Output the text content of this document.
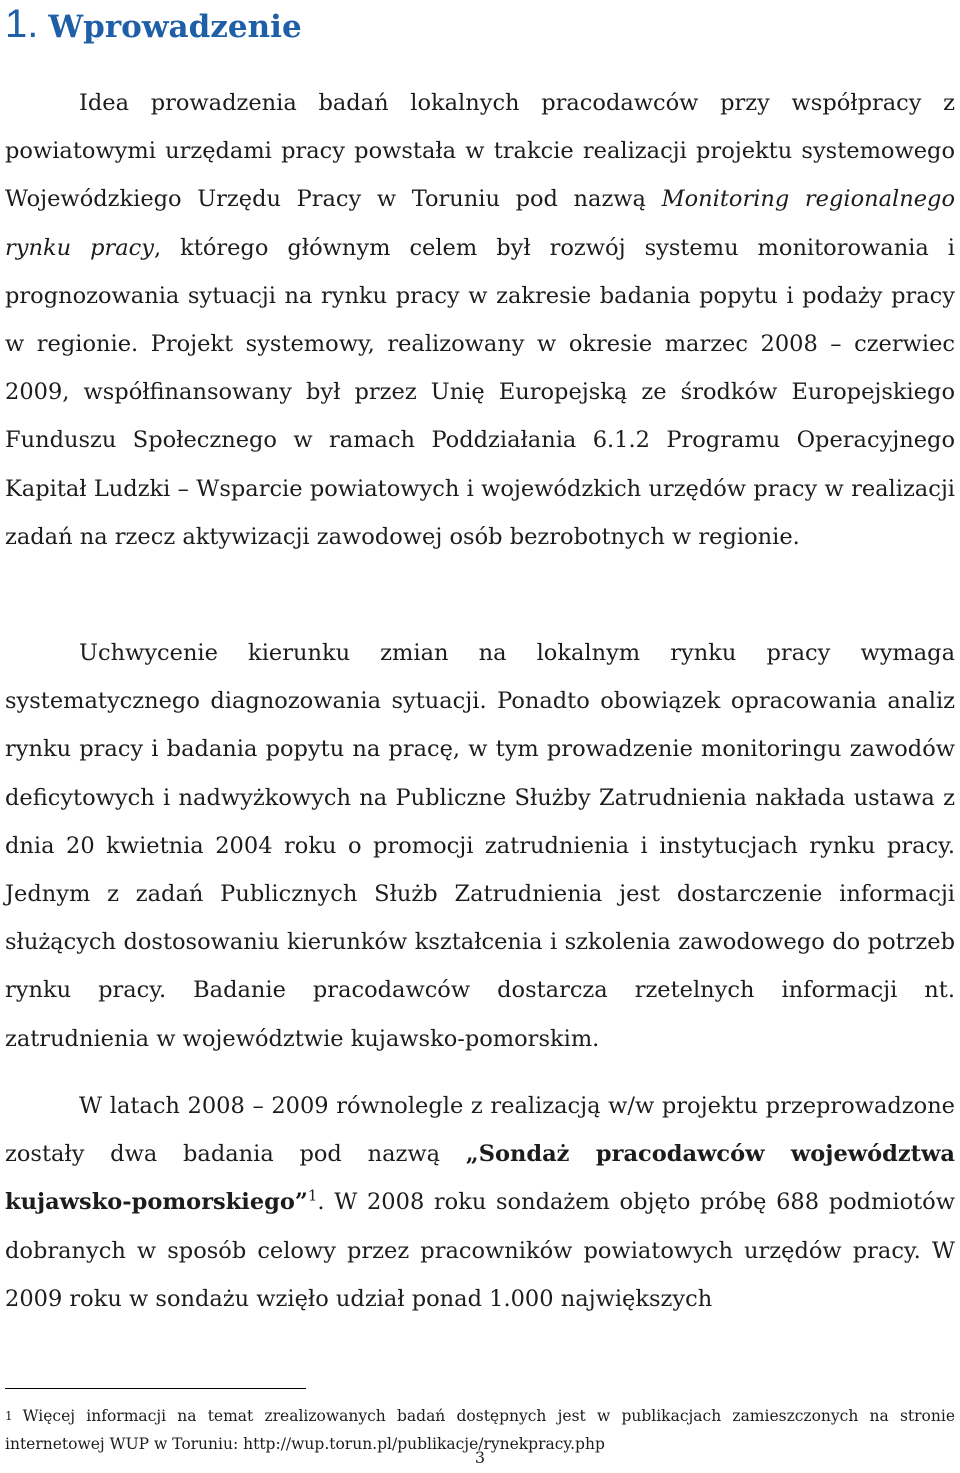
1. Wprowadzenie

Idea prowadzenia badań lokalnych pracodawców przy współpracy z powiatowymi urzędami pracy powstała w trakcie realizacji projektu systemowego Wojewódzkiego Urzędu Pracy w Toruniu pod nazwą Monitoring regionalnego rynku pracy, którego głównym celem był rozwój systemu monitorowania i prognozowania sytuacji na rynku pracy w zakresie badania popytu i podaży pracy w regionie. Projekt systemowy, realizowany w okresie marzec 2008 – czerwiec 2009, współfinansowany był przez Unię Europejską ze środków Europejskiego Funduszu Społecznego w ramach Poddziałania 6.1.2 Programu Operacyjnego Kapitał Ludzki – Wsparcie powiatowych i wojewódzkich urzędów pracy w realizacji zadań na rzecz aktywizacji zawodowej osób bezrobotnych w regionie.

Uchwycenie kierunku zmian na lokalnym rynku pracy wymaga systematycznego diagnozowania sytuacji. Ponadto obowiązek opracowania analiz rynku pracy i badania popytu na pracę, w tym prowadzenie monitoringu zawodów deficytowych i nadwyżkowych na Publiczne Służby Zatrudnienia nakłada ustawa z dnia 20 kwietnia 2004 roku o promocji zatrudnienia i instytucjach rynku pracy. Jednym z zadań Publicznych Służb Zatrudnienia jest dostarczenie informacji służących dostosowaniu kierunków kształcenia i szkolenia zawodowego do potrzeb rynku pracy. Badanie pracodawców dostarcza rzetelnych informacji nt. zatrudnienia w województwie kujawsko-pomorskim.

W latach 2008 – 2009 równolegle z realizacją w/w projektu przeprowadzone zostały dwa badania pod nazwą „Sondaż pracodawców województwa kujawsko-pomorskiego”$^1$. W 2008 roku sondażem objęto próbę 688 podmiotów dobranych w sposób celowy przez pracowników powiatowych urzędów pracy. W 2009 roku w sondażu wzięło udział ponad 1.000 największych

$^1$ Więcej informacji na temat zrealizowanych badań dostępnych jest w publikacjach zamieszczonych na stronie internetowej WUP w Toruniu: http://wup.torun.pl/publikacje/rynekpracy.php

3
